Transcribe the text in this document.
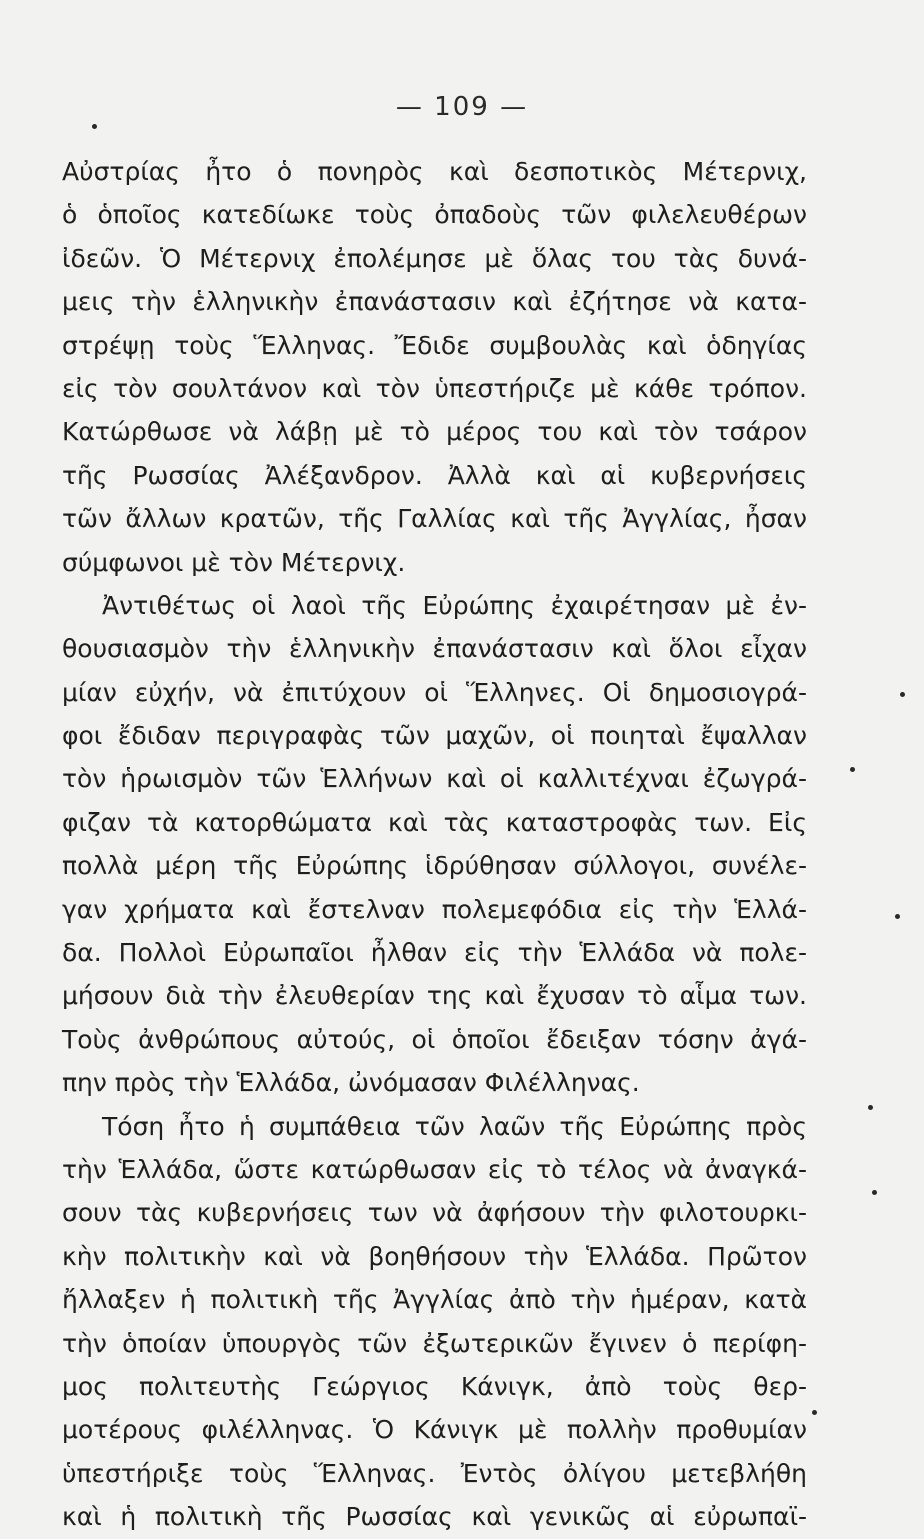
— 109 —
Αὐστρίας ἦτο ὁ πονηρὸς καὶ δεσποτικὸς Μέτερνιχ,
ὁ ὁποῖος κατεδίωκε τοὺς ὀπαδοὺς τῶν φιλελευθέρων
ἰδεῶν. Ὁ Μέτερνιχ ἐπολέμησε μὲ ὅλας του τὰς δυνά-
μεις τὴν ἑλληνικὴν ἐπανάστασιν καὶ ἐζήτησε νὰ κατα-
στρέψῃ τοὺς Ἕλληνας. Ἔδιδε συμβουλὰς καὶ ὁδηγίας
εἰς τὸν σουλτάνον καὶ τὸν ὑπεστήριζε μὲ κάθε τρόπον.
Κατώρθωσε νὰ λάβῃ μὲ τὸ μέρος του καὶ τὸν τσάρον
τῆς Ρωσσίας Ἀλέξανδρον. Ἀλλὰ καὶ αἱ κυβερνήσεις
τῶν ἄλλων κρατῶν, τῆς Γαλλίας καὶ τῆς Ἀγγλίας, ἦσαν
σύμφωνοι μὲ τὸν Μέτερνιχ.
Ἀντιθέτως οἱ λαοὶ τῆς Εὐρώπης ἐχαιρέτησαν μὲ ἐν-
θουσιασμὸν τὴν ἑλληνικὴν ἐπανάστασιν καὶ ὅλοι εἶχαν
μίαν εὐχήν, νὰ ἐπιτύχουν οἱ Ἕλληνες. Οἱ δημοσιογρά-
φοι ἔδιδαν περιγραφὰς τῶν μαχῶν, οἱ ποιηταὶ ἔψαλλαν
τὸν ἡρωισμὸν τῶν Ἑλλήνων καὶ οἱ καλλιτέχναι ἐζωγρά-
φιζαν τὰ κατορθώματα καὶ τὰς καταστροφὰς των. Εἰς
πολλὰ μέρη τῆς Εὐρώπης ἱδρύθησαν σύλλογοι, συνέλε-
γαν χρήματα καὶ ἔστελναν πολεμεφόδια εἰς τὴν Ἑλλά-
δα. Πολλοὶ Εὐρωπαῖοι ἦλθαν εἰς τὴν Ἑλλάδα νὰ πολε-
μήσουν διὰ τὴν ἐλευθερίαν της καὶ ἔχυσαν τὸ αἷμα των.
Τοὺς ἀνθρώπους αὐτούς, οἱ ὁποῖοι ἔδειξαν τόσην ἀγά-
πην πρὸς τὴν Ἑλλάδα, ὠνόμασαν Φιλέλληνας.
Τόση ἦτο ἡ συμπάθεια τῶν λαῶν τῆς Εὐρώπης πρὸς
τὴν Ἑλλάδα, ὥστε κατώρθωσαν εἰς τὸ τέλος νὰ ἀναγκά-
σουν τὰς κυβερνήσεις των νὰ ἀφήσουν τὴν φιλοτουρκι-
κὴν πολιτικὴν καὶ νὰ βοηθήσουν τὴν Ἑλλάδα. Πρῶτον
ἤλλαξεν ἡ πολιτικὴ τῆς Ἀγγλίας ἀπὸ τὴν ἡμέραν, κατὰ
τὴν ὁποίαν ὑπουργὸς τῶν ἐξωτερικῶν ἔγινεν ὁ περίφη-
μος πολιτευτὴς Γεώργιος Κάνιγκ, ἀπὸ τοὺς θερ-
μοτέρους φιλέλληνας. Ὁ Κάνιγκ μὲ πολλὴν προθυμίαν
ὑπεστήριξε τοὺς Ἕλληνας. Ἐντὸς ὀλίγου μετεβλήθη
καὶ ἡ πολιτικὴ τῆς Ρωσσίας καὶ γενικῶς αἱ εὐρωπαϊ-
